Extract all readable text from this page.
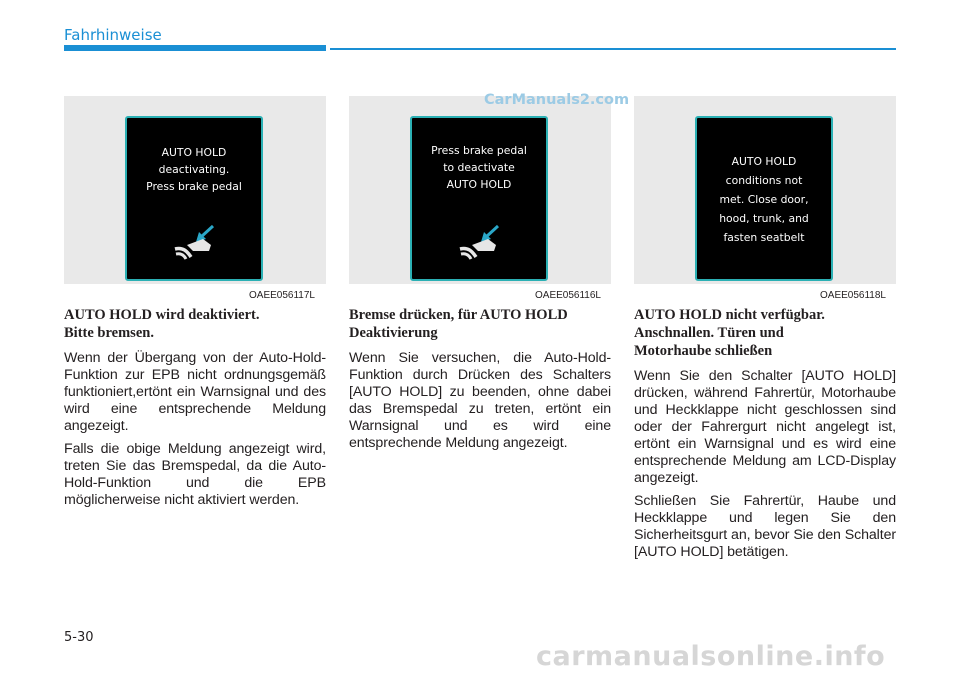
Fahrhinweise
AUTO HOLD
deactivating.
Press brake pedal
OAEE056117L
Press brake pedal
to deactivate
AUTO HOLD
OAEE056116L
AUTO HOLD
conditions not
met. Close door,
hood, trunk, and
fasten seatbelt
OAEE056118L
CarManuals2.com
AUTO HOLD wird deaktiviert.
Bitte bremsen.

Wenn der Übergang von der Auto-Hold-Funktion zur EPB nicht ordnungsgemäß funktioniert,ertönt ein Warnsignal und des wird eine entsprechende Meldung angezeigt.

Falls die obige Meldung angezeigt wird, treten Sie das Bremspedal, da die Auto-Hold-Funktion und die EPB möglicherweise nicht aktiviert werden.

Bremse drücken, für AUTO HOLD
Deaktivierung

Wenn Sie versuchen, die Auto-Hold-Funktion durch Drücken des Schalters [AUTO HOLD] zu beenden, ohne dabei das Bremspedal zu treten, ertönt ein Warnsignal und es wird eine entsprechende Meldung angezeigt.

AUTO HOLD nicht verfügbar.
Anschnallen. Türen und
Motorhaube schließen

Wenn Sie den Schalter [AUTO HOLD] drücken, während Fahrertür, Motorhaube und Heckklappe nicht geschlossen sind oder der Fahrergurt nicht angelegt ist, ertönt ein Warnsignal und es wird eine entsprechende Meldung am LCD-Display angezeigt.

Schließen Sie Fahrertür, Haube und Heckklappe und legen Sie den Sicherheitsgurt an, bevor Sie den Schalter [AUTO HOLD] betätigen.

5-30
carmanualsonline.info
